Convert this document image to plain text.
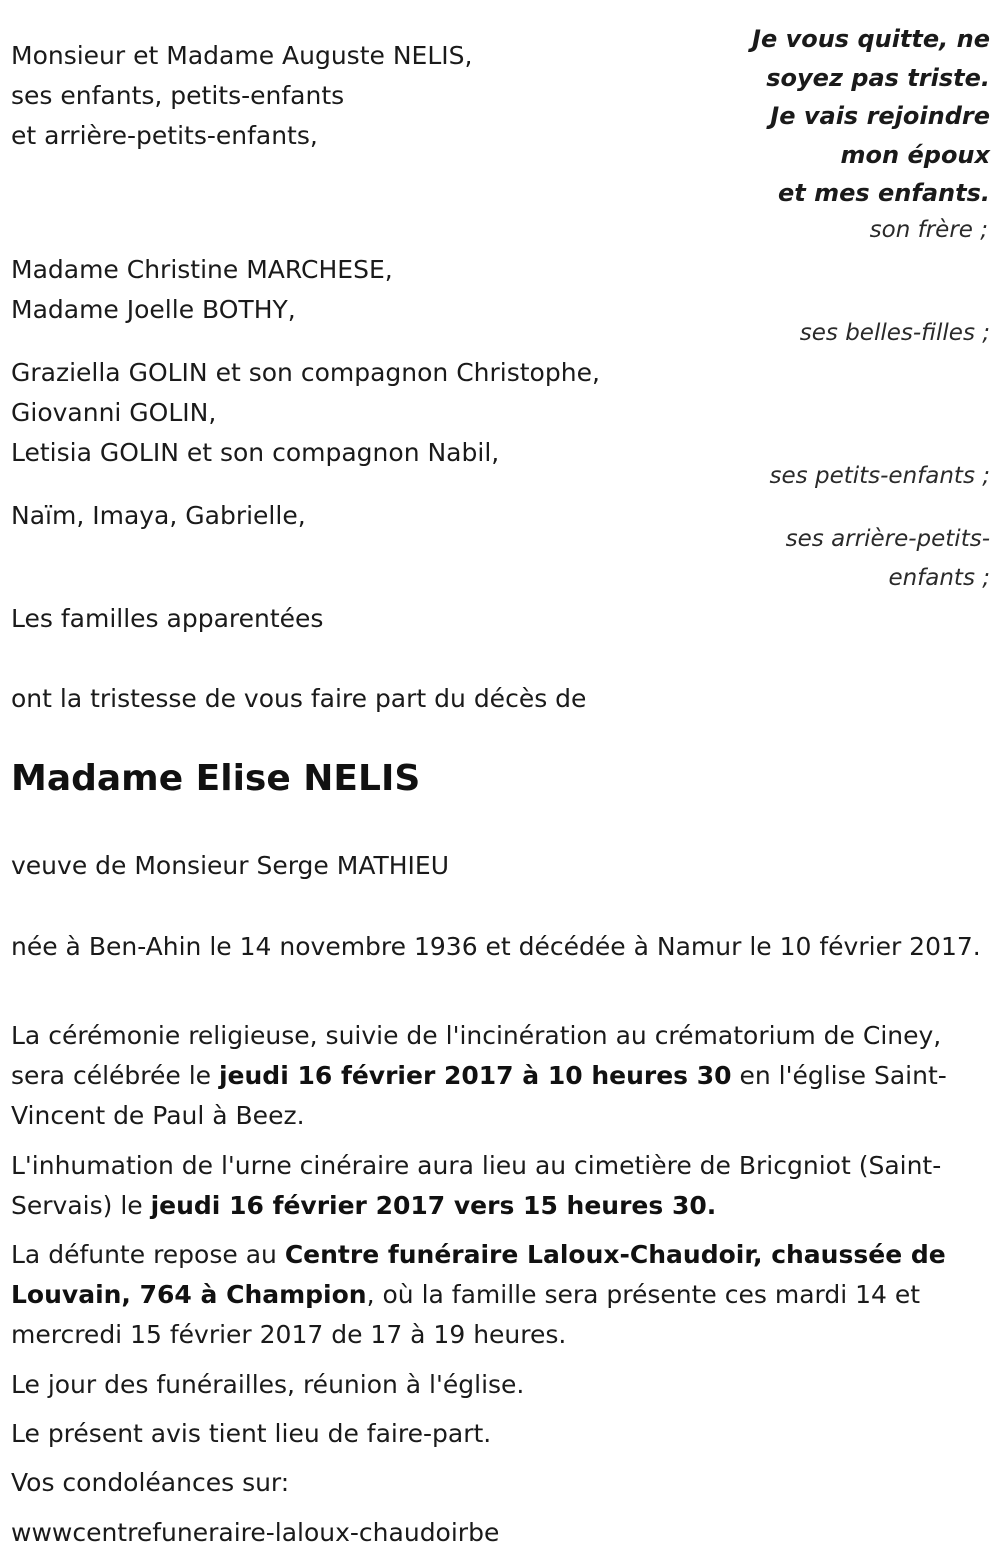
Je vous quitte, ne
soyez pas triste.
Je vais rejoindre
mon époux
et mes enfants.

Monsieur et Madame Auguste NELIS,

ses enfants, petits-enfants

et arrière-petits-enfants,

son frère ;

Madame Christine MARCHESE,

Madame Joelle BOTHY,

ses belles-filles ;

Graziella GOLIN et son compagnon Christophe,

Giovanni GOLIN,

Letisia GOLIN et son compagnon Nabil,

ses petits-enfants ;

Naïm, Imaya, Gabrielle,

ses arrière-petits-

enfants ;

Les familles apparentées

ont la tristesse de vous faire part du décès de

Madame Elise NELIS

veuve de Monsieur Serge MATHIEU

née à Ben-Ahin le 14 novembre 1936 et décédée à Namur le 10 février 2017.

La cérémonie religieuse, suivie de l'incinération au crématorium de Ciney, sera célébrée le jeudi 16 février 2017 à 10 heures 30 en l'église Saint-Vincent de Paul à Beez.

L'inhumation de l'urne cinéraire aura lieu au cimetière de Bricgniot (Saint-Servais) le jeudi 16 février 2017 vers 15 heures 30.

La défunte repose au Centre funéraire Laloux-Chaudoir, chaussée de Louvain, 764 à Champion, où la famille sera présente ces mardi 14 et mercredi 15 février 2017 de 17 à 19 heures.

Le jour des funérailles, réunion à l'église.

Le présent avis tient lieu de faire-part.

Vos condoléances sur:

wwwcentrefuneraire-laloux-chaudoirbe
